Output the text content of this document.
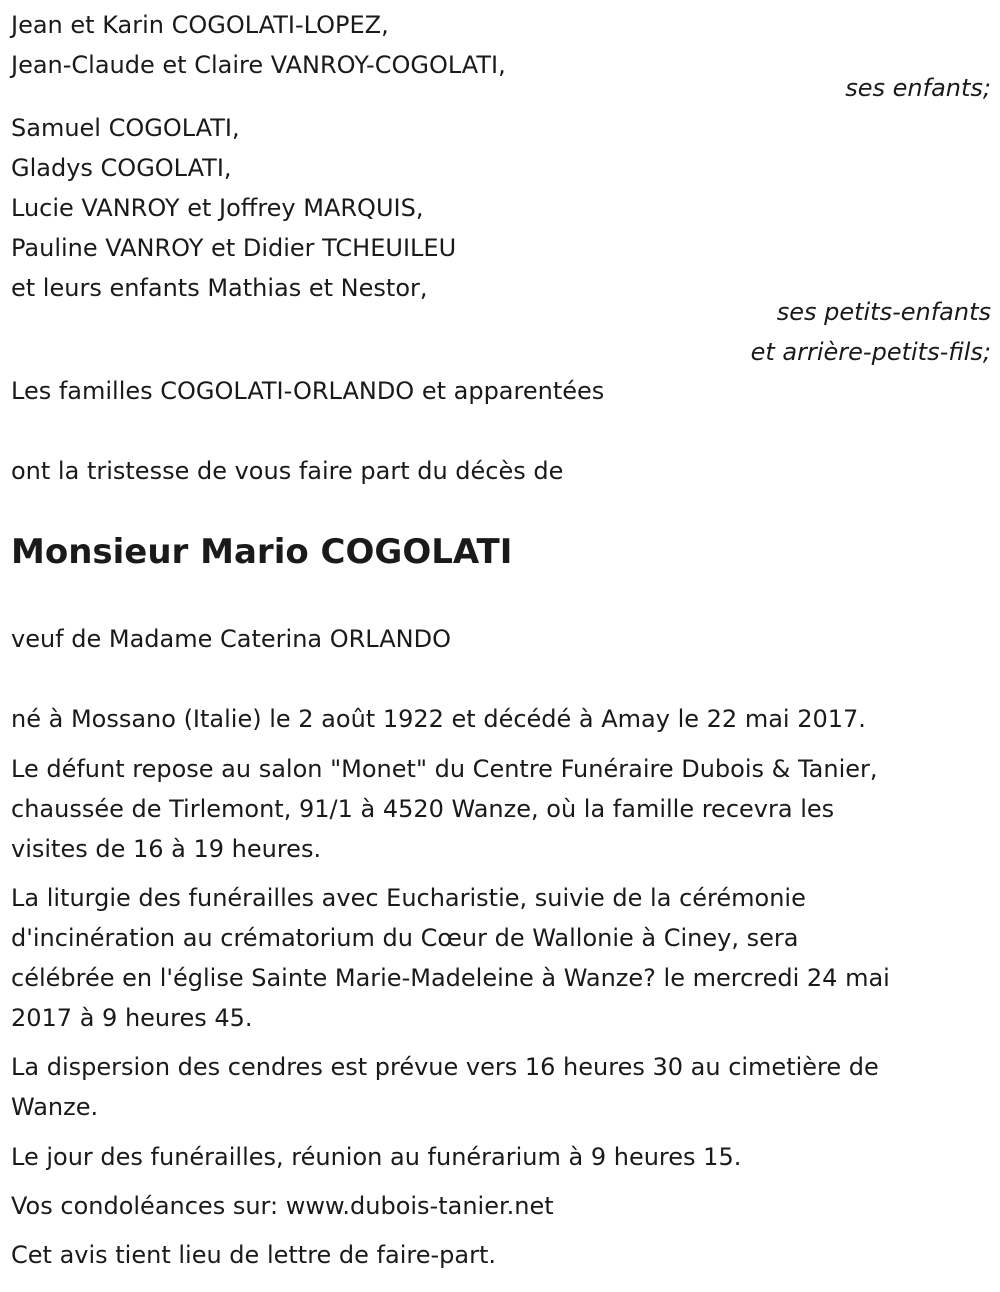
Jean et Karin COGOLATI-LOPEZ,
Jean-Claude et Claire VANROY-COGOLATI,
ses enfants;
Samuel COGOLATI,
Gladys COGOLATI,
Lucie VANROY et Joffrey MARQUIS,
Pauline VANROY et Didier TCHEUILEU
et leurs enfants Mathias et Nestor,
ses petits-enfants
et arrière-petits-fils;
Les familles COGOLATI-ORLANDO et apparentées
ont la tristesse de vous faire part du décès de
Monsieur Mario COGOLATI
veuf de Madame Caterina ORLANDO
né à Mossano (Italie) le 2 août 1922 et décédé à Amay le 22 mai 2017.
Le défunt repose au salon "Monet" du Centre Funéraire Dubois & Tanier,
chaussée de Tirlemont, 91/1 à 4520 Wanze, où la famille recevra les
visites de 16 à 19 heures.
La liturgie des funérailles avec Eucharistie, suivie de la cérémonie
d'incinération au crématorium du Cœur de Wallonie à Ciney, sera
célébrée en l'église Sainte Marie-Madeleine à Wanze? le mercredi 24 mai
2017 à 9 heures 45.
La dispersion des cendres est prévue vers 16 heures 30 au cimetière de
Wanze.
Le jour des funérailles, réunion au funérarium à 9 heures 15.
Vos condoléances sur: www.dubois-tanier.net
Cet avis tient lieu de lettre de faire-part.
